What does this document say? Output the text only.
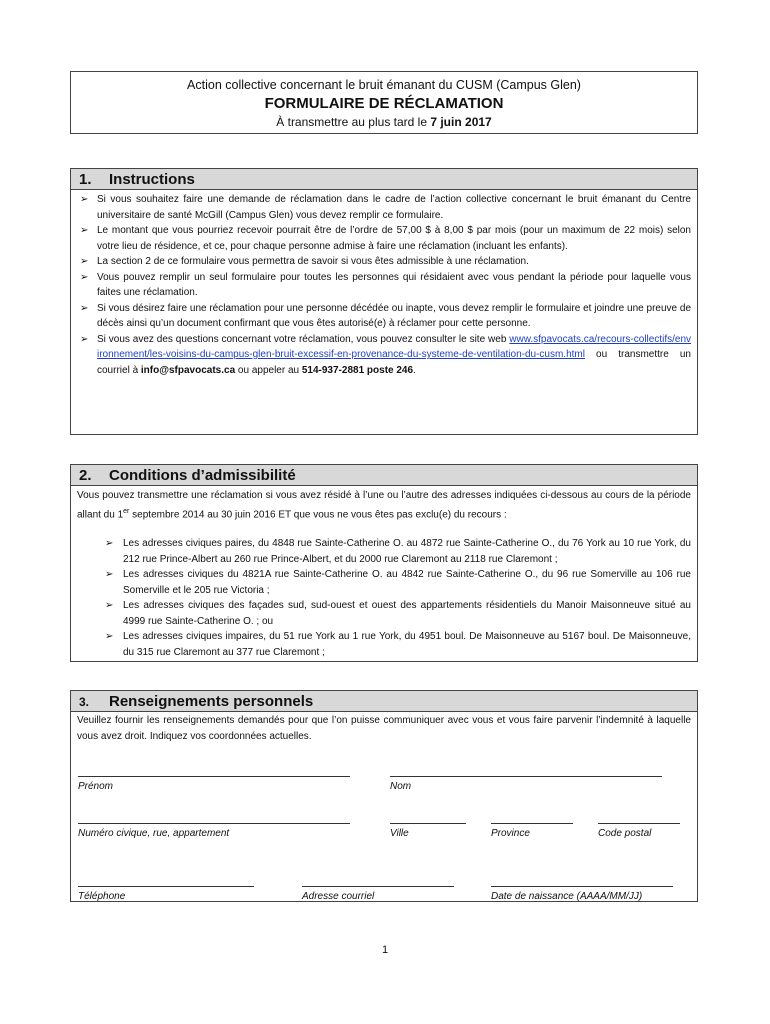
Action collective concernant le bruit émanant du CUSM (Campus Glen)
FORMULAIRE DE RÉCLAMATION
À transmettre au plus tard le 7 juin 2017
1. Instructions
➢ Si vous souhaitez faire une demande de réclamation dans le cadre de l’action collective concernant le bruit émanant du Centre universitaire de santé McGill (Campus Glen) vous devez remplir ce formulaire.
➢ Le montant que vous pourriez recevoir pourrait être de l’ordre de 57,00 $ à 8,00 $ par mois (pour un maximum de 22 mois) selon votre lieu de résidence, et ce, pour chaque personne admise à faire une réclamation (incluant les enfants).
➢ La section 2 de ce formulaire vous permettra de savoir si vous êtes admissible à une réclamation.
➢ Vous pouvez remplir un seul formulaire pour toutes les personnes qui résidaient avec vous pendant la période pour laquelle vous faites une réclamation.
➢ Si vous désirez faire une réclamation pour une personne décédée ou inapte, vous devez remplir le formulaire et joindre une preuve de décès ainsi qu’un document confirmant que vous êtes autorisé(e) à réclamer pour cette personne.
➢ Si vous avez des questions concernant votre réclamation, vous pouvez consulter le site web www.sfpavocats.ca/recours-collectifs/environnement/les-voisins-du-campus-glen-bruit-excessif-en-provenance-du-systeme-de-ventilation-du-cusm.html ou transmettre un courriel à info@sfpavocats.ca ou appeler au 514-937-2881 poste 246.
2. Conditions d’admissibilité
Vous pouvez transmettre une réclamation si vous avez résidé à l’une ou l’autre des adresses indiquées ci-dessous au cours de la période allant du 1er septembre 2014 au 30 juin 2016 ET que vous ne vous êtes pas exclu(e) du recours :
➢ Les adresses civiques paires, du 4848 rue Sainte-Catherine O. au 4872 rue Sainte-Catherine O., du 76 York au 10 rue York, du 212 rue Prince-Albert au 260 rue Prince-Albert, et du 2000 rue Claremont au 2118 rue Claremont ;
➢ Les adresses civiques du 4821A rue Sainte-Catherine O. au 4842 rue Sainte-Catherine O., du 96 rue Somerville au 106 rue Somerville et le 205 rue Victoria ;
➢ Les adresses civiques des façades sud, sud-ouest et ouest des appartements résidentiels du Manoir Maisonneuve situé au 4999 rue Sainte-Catherine O. ; ou
➢ Les adresses civiques impaires, du 51 rue York au 1 rue York, du 4951 boul. De Maisonneuve au 5167 boul. De Maisonneuve, du 315 rue Claremont au 377 rue Claremont ;
3. Renseignements personnels
Veuillez fournir les renseignements demandés pour que l’on puisse communiquer avec vous et vous faire parvenir l’indemnité à laquelle vous avez droit. Indiquez vos coordonnées actuelles.
Prénom	Nom
Numéro civique, rue, appartement	Ville	Province	Code postal
Téléphone	Adresse courriel	Date de naissance (AAAA/MM/JJ)
1
